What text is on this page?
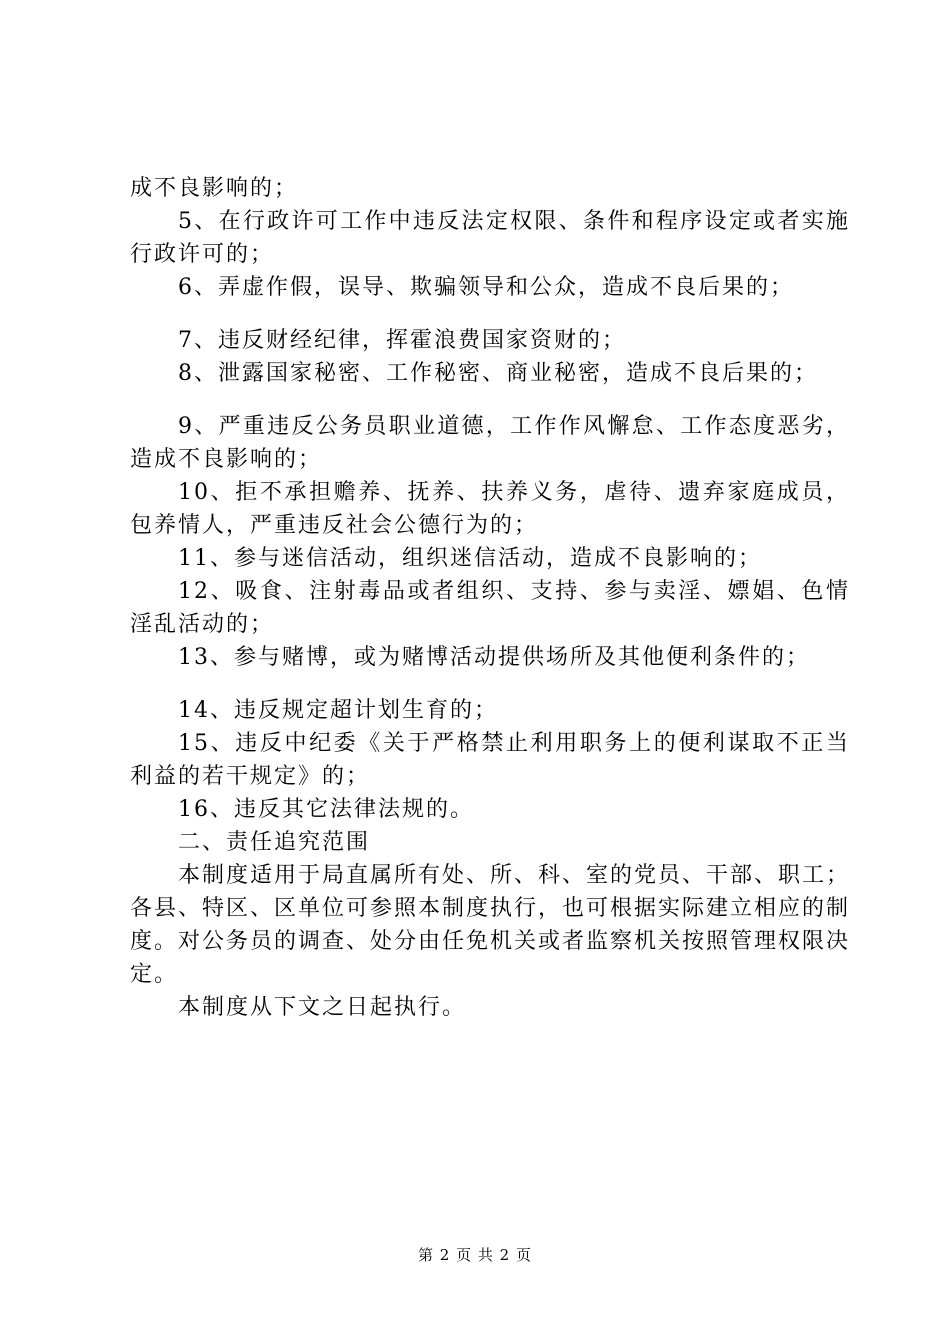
成不良影响的；

5、在行政许可工作中违反法定权限、条件和程序设定或者实施行政许可的；

6、弄虚作假，误导、欺骗领导和公众，造成不良后果的；

7、违反财经纪律，挥霍浪费国家资财的；

8、泄露国家秘密、工作秘密、商业秘密，造成不良后果的；

9、严重违反公务员职业道德，工作作风懈怠、工作态度恶劣，造成不良影响的；

10、拒不承担赡养、抚养、扶养义务，虐待、遗弃家庭成员，包养情人，严重违反社会公德行为的；

11、参与迷信活动，组织迷信活动，造成不良影响的；

12、吸食、注射毒品或者组织、支持、参与卖淫、嫖娼、色情淫乱活动的；

13、参与赌博，或为赌博活动提供场所及其他便利条件的；

14、违反规定超计划生育的；

15、违反中纪委《关于严格禁止利用职务上的便利谋取不正当利益的若干规定》的；

16、违反其它法律法规的。

二、责任追究范围

本制度适用于局直属所有处、所、科、室的党员、干部、职工；各县、特区、区单位可参照本制度执行，也可根据实际建立相应的制度。对公务员的调查、处分由任免机关或者监察机关按照管理权限决定。

本制度从下文之日起执行。

第 2 页 共 2 页
